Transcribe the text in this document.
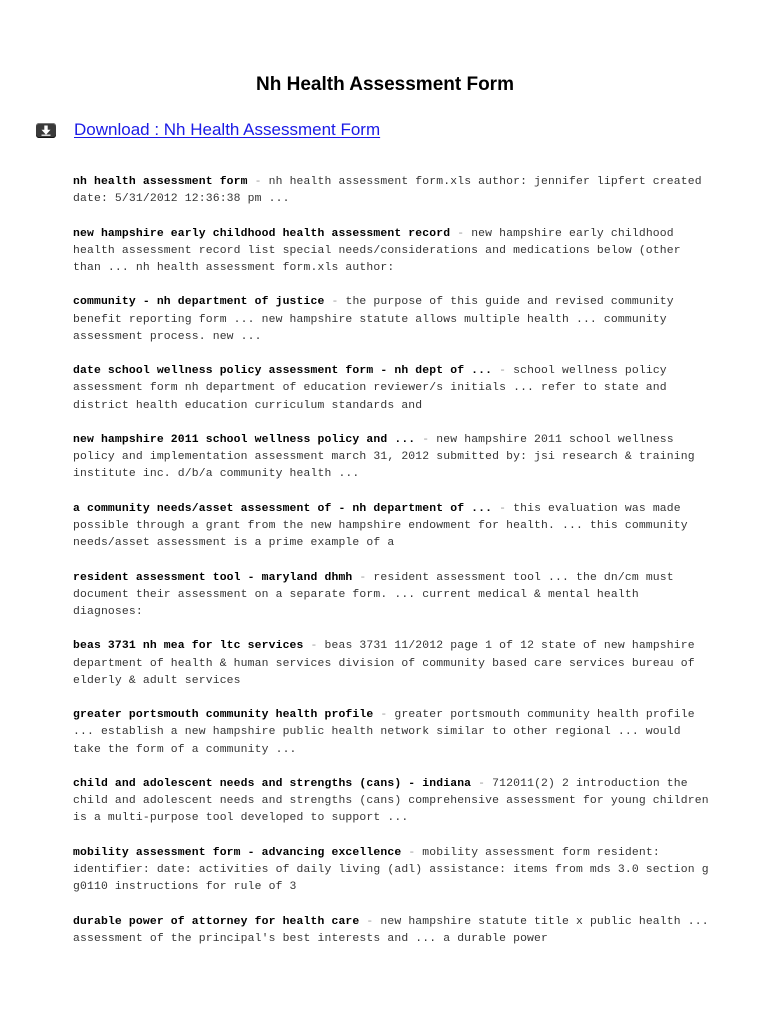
Nh Health Assessment Form
Download : Nh Health Assessment Form

nh health assessment form - nh health assessment form.xls author: jennifer lipfert created date: 5/31/2012 12:36:38 pm ...

new hampshire early childhood health assessment record - new hampshire early childhood health assessment record list special needs/considerations and medications below (other than ... nh health assessment form.xls author:

community - nh department of justice - the purpose of this guide and revised community benefit reporting form ... new hampshire statute allows multiple health ... community assessment process. new ...

date school wellness policy assessment form - nh dept of ... - school wellness policy assessment form nh department of education reviewer/s initials ... refer to state and district health education curriculum standards and

new hampshire 2011 school wellness policy and ... - new hampshire 2011 school wellness policy and implementation assessment march 31, 2012 submitted by: jsi research & training institute inc. d/b/a community health ...

a community needs/asset assessment of - nh department of ... - this evaluation was made possible through a grant from the new hampshire endowment for health. ... this community needs/asset assessment is a prime example of a

resident assessment tool - maryland dhmh - resident assessment tool ... the dn/cm must document their assessment on a separate form. ... current medical & mental health diagnoses:

beas 3731 nh mea for ltc services - beas 3731 11/2012 page 1 of 12 state of new hampshire department of health & human services division of community based care services bureau of elderly & adult services

greater portsmouth community health profile - greater portsmouth community health profile ... establish a new hampshire public health network similar to other regional ... would take the form of a community ...

child and adolescent needs and strengths (cans) - indiana - 712011(2) 2 introduction the child and adolescent needs and strengths (cans) comprehensive assessment for young children is a multi-purpose tool developed to support ...

mobility assessment form - advancing excellence - mobility assessment form resident: identifier: date: activities of daily living (adl) assistance: items from mds 3.0 section g g0110 instructions for rule of 3

durable power of attorney for health care - new hampshire statute title x public health ... assessment of the principal's best interests and ... a durable power
